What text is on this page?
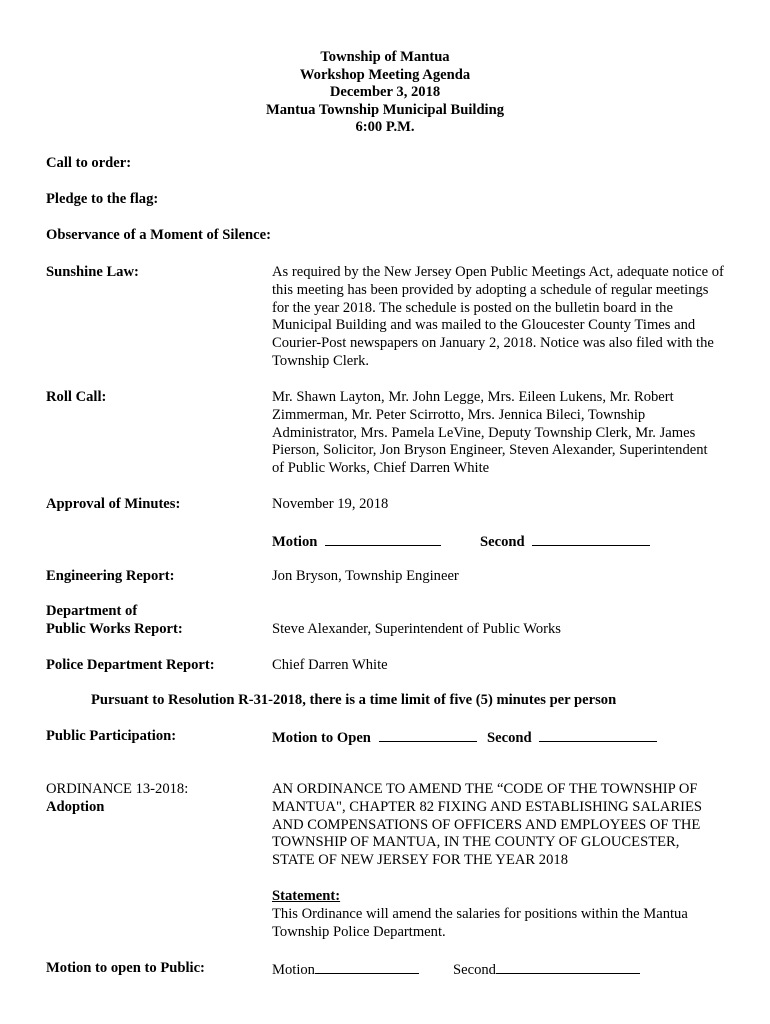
Township of Mantua
Workshop Meeting Agenda
December 3, 2018
Mantua Township Municipal Building
6:00 P.M.
Call to order:
Pledge to the flag:
Observance of a Moment of Silence:
Sunshine Law:	As required by the New Jersey Open Public Meetings Act, adequate notice of this meeting has been provided by adopting a schedule of regular meetings for the year 2018. The schedule is posted on the bulletin board in the Municipal Building and was mailed to the Gloucester County Times and Courier-Post newspapers on January 2, 2018. Notice was also filed with the Township Clerk.
Roll Call:	Mr. Shawn Layton, Mr. John Legge, Mrs. Eileen Lukens, Mr. Robert Zimmerman, Mr. Peter Scirrotto, Mrs. Jennica Bileci, Township Administrator, Mrs. Pamela LeVine, Deputy Township Clerk, Mr. James Pierson, Solicitor, Jon Bryson Engineer, Steven Alexander, Superintendent of Public Works, Chief Darren White
Approval of Minutes:	November 19, 2018
Motion	Second
Engineering Report:	Jon Bryson, Township Engineer
Department of
Public Works Report:	Steve Alexander, Superintendent of Public Works
Police Department Report:	Chief Darren White
Pursuant to Resolution R-31-2018, there is a time limit of five (5) minutes per person
Public Participation:	Motion to Open	Second
ORDINANCE 13-2018:
Adoption
AN ORDINANCE TO AMEND THE “CODE OF THE TOWNSHIP OF MANTUA", CHAPTER 82 FIXING AND ESTABLISHING SALARIES AND COMPENSATIONS OF OFFICERS AND EMPLOYEES OF THE TOWNSHIP OF MANTUA, IN THE COUNTY OF GLOUCESTER, STATE OF NEW JERSEY FOR THE YEAR 2018
Statement:
This Ordinance will amend the salaries for positions within the Mantua Township Police Department.
Motion to open to Public:	Motion	Second
